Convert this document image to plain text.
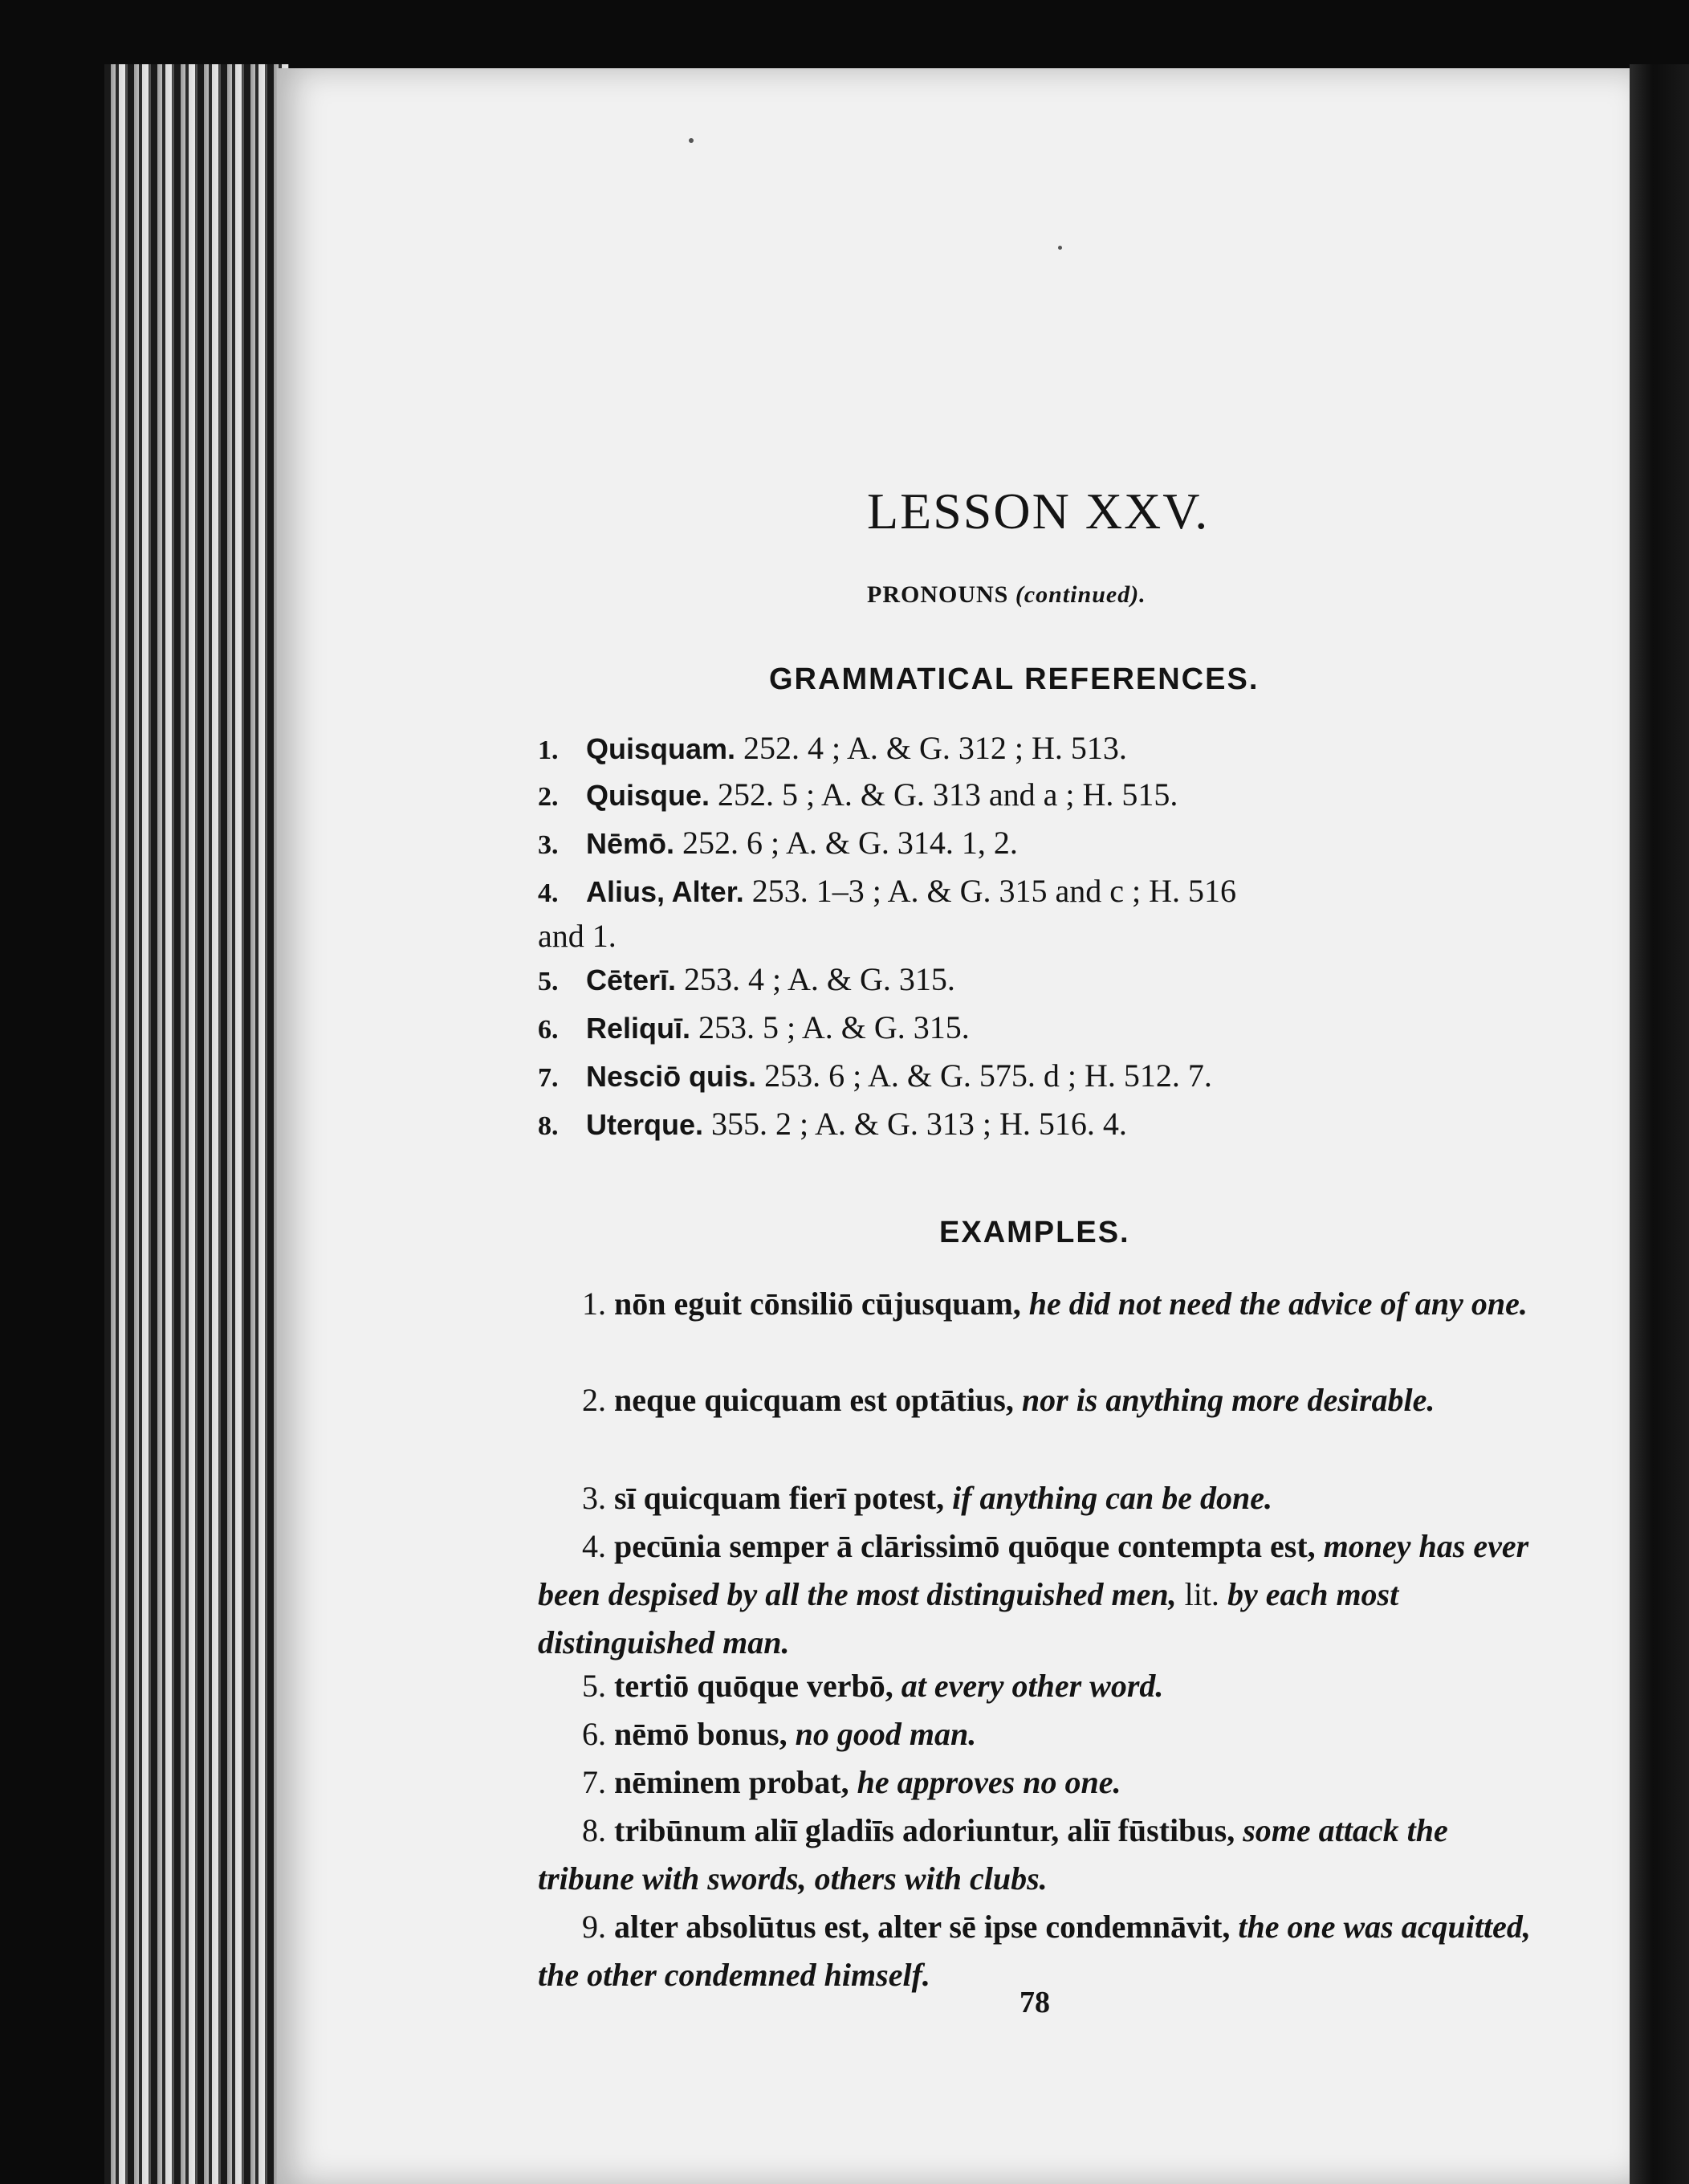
LESSON XXV.
PRONOUNS (continued).
GRAMMATICAL REFERENCES.
1. Quisquam. 252. 4 ; A. & G. 312 ; H. 513.
2. Quisque. 252. 5 ; A. & G. 313 and a ; H. 515.
3. Nēmō. 252. 6 ; A. & G. 314. 1, 2.
4. Alius, Alter. 253. 1–3 ; A. & G. 315 and c ; H. 516
and 1.
5. Cēterī. 253. 4 ; A. & G. 315.
6. Reliquī. 253. 5 ; A. & G. 315.
7. Nesciō quis. 253. 6 ; A. & G. 575. d ; H. 512. 7.
8. Uterque. 355. 2 ; A. & G. 313 ; H. 516. 4.
EXAMPLES.
1. nōn eguit cōnsiliō cūjusquam, he did not need the advice of any one.
2. neque quicquam est optātius, nor is anything more desirable.
3. sī quicquam fierī potest, if anything can be done.
4. pecūnia semper ā clārissimō quōque contempta est, money has ever been despised by all the most distinguished men, lit. by each most distinguished man.
5. tertiō quōque verbō, at every other word.
6. nēmō bonus, no good man.
7. nēminem probat, he approves no one.
8. tribūnum aliī gladiīs adoriuntur, aliī fūstibus, some attack the tribune with swords, others with clubs.
9. alter absolūtus est, alter sē ipse condemnāvit, the one was acquitted, the other condemned himself.
78
